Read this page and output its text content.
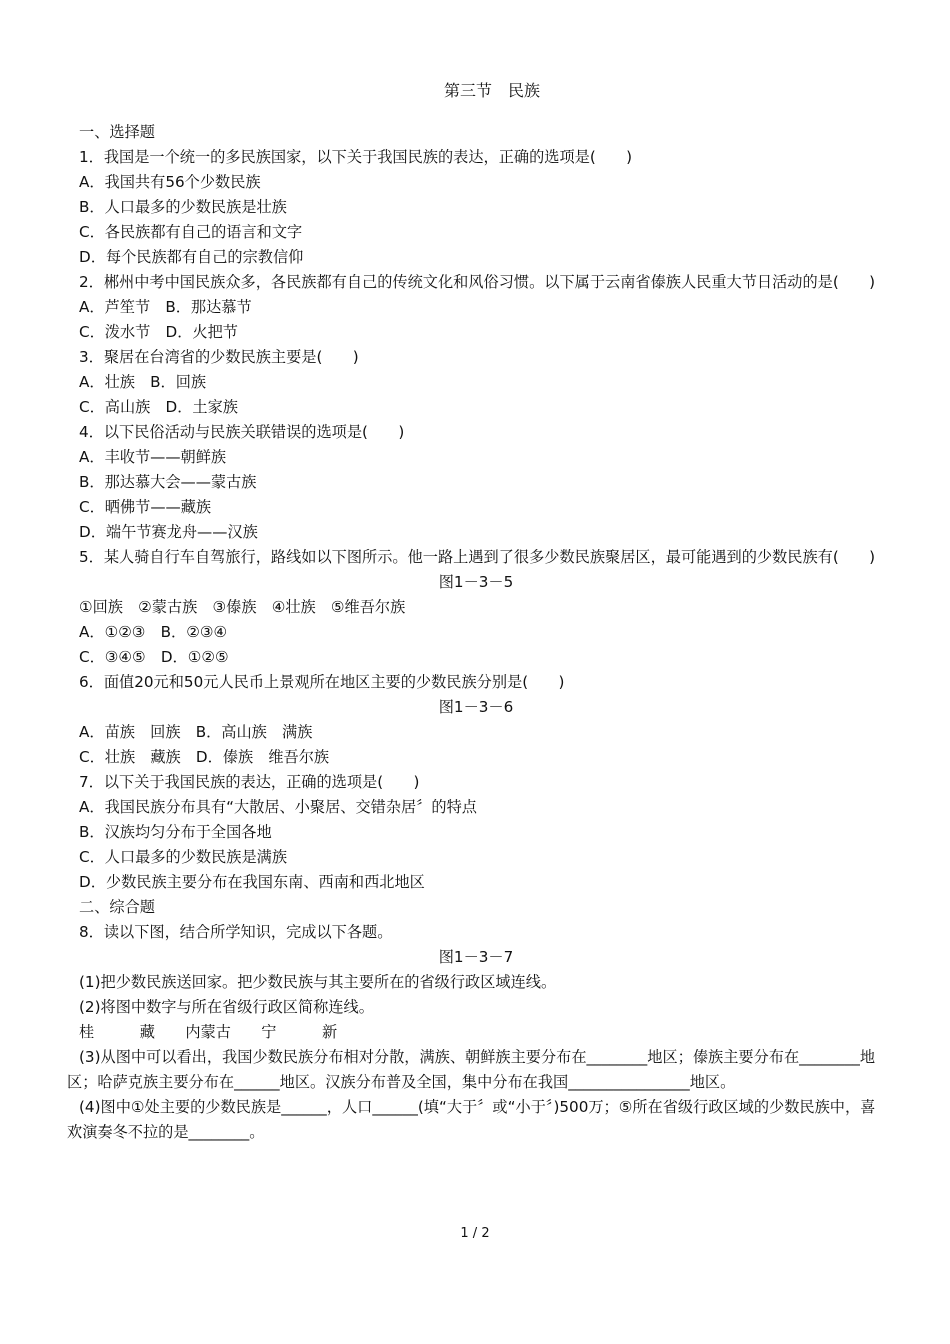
第三节　民族
一、选择题
1．我国是一个统一的多民族国家，以下关于我国民族的表达，正确的选项是(　　)
A．我国共有56个少数民族
B．人口最多的少数民族是壮族
C．各民族都有自己的语言和文字
D．每个民族都有自己的宗教信仰
2．郴州中考中国民族众多，各民族都有自己的传统文化和风俗习惯。以下属于云南省傣族人民重大节日活动的是(　　)
A．芦笙节　B．那达慕节
C．泼水节　D．火把节
3．聚居在台湾省的少数民族主要是(　　)
A．壮族　B．回族
C．高山族　D．土家族
4．以下民俗活动与民族关联错误的选项是(　　)
A．丰收节——朝鲜族
B．那达慕大会——蒙古族
C．晒佛节——藏族
D．端午节赛龙舟——汉族
5．某人骑自行车自驾旅行，路线如以下图所示。他一路上遇到了很多少数民族聚居区，最可能遇到的少数民族有(　　)
图1－3－5
①回族　②蒙古族　③傣族　④壮族　⑤维吾尔族
A．①②③　B．②③④
C．③④⑤　D．①②⑤
6．面值20元和50元人民币上景观所在地区主要的少数民族分别是(　　)
图1－3－6
A．苗族　回族　B．高山族　满族
C．壮族　藏族　D．傣族　维吾尔族
7．以下关于我国民族的表达，正确的选项是(　　)
A．我国民族分布具有“大散居、小聚居、交错杂居〞的特点
B．汉族均匀分布于全国各地
C．人口最多的少数民族是满族
D．少数民族主要分布在我国东南、西南和西北地区
二、综合题
8．读以下图，结合所学知识，完成以下各题。
图1－3－7
(1)把少数民族送回家。把少数民族与其主要所在的省级行政区域连线。
(2)将图中数字与所在省级行政区简称连线。
桂　　　藏　　内蒙古　　宁　　　新
(3)从图中可以看出，我国少数民族分布相对分散，满族、朝鲜族主要分布在________地区；傣族主要分布在________地区；哈萨克族主要分布在______地区。汉族分布普及全国，集中分布在我国________________地区。
(4)图中①处主要的少数民族是______，人口______(填“大于〞或“小于〞)500万；⑤所在省级行政区域的少数民族中，喜欢演奏冬不拉的是________。
1 / 2
